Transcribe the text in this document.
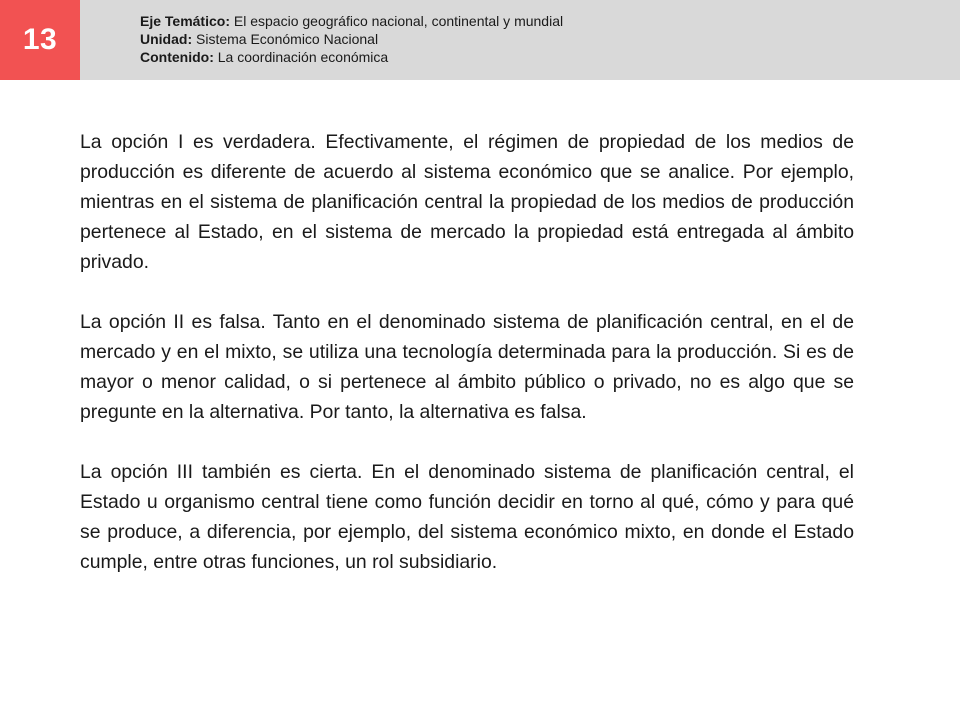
13
Eje Temático: El espacio geográfico nacional, continental y mundial
Unidad: Sistema Económico Nacional
Contenido: La coordinación económica

La opción I es verdadera. Efectivamente, el régimen de propiedad de los medios de producción es diferente de acuerdo al sistema económico que se analice. Por ejemplo, mientras en el sistema de planificación central la propiedad de los medios de producción pertenece al Estado, en el sistema de mercado la propiedad está entregada al ámbito privado.

La opción II es falsa. Tanto en el denominado sistema de planificación central, en el de mercado y en el mixto, se utiliza una tecnología determinada para la producción. Si es de mayor o menor calidad, o si pertenece al ámbito público o privado, no es algo que se pregunte en la alternativa. Por tanto, la alternativa es falsa.

La opción III también es cierta. En el denominado sistema de planificación central, el Estado u organismo central tiene como función decidir en torno al qué, cómo y para qué se produce, a diferencia, por ejemplo, del sistema económico mixto, en donde el Estado cumple, entre otras funciones, un rol subsidiario.
